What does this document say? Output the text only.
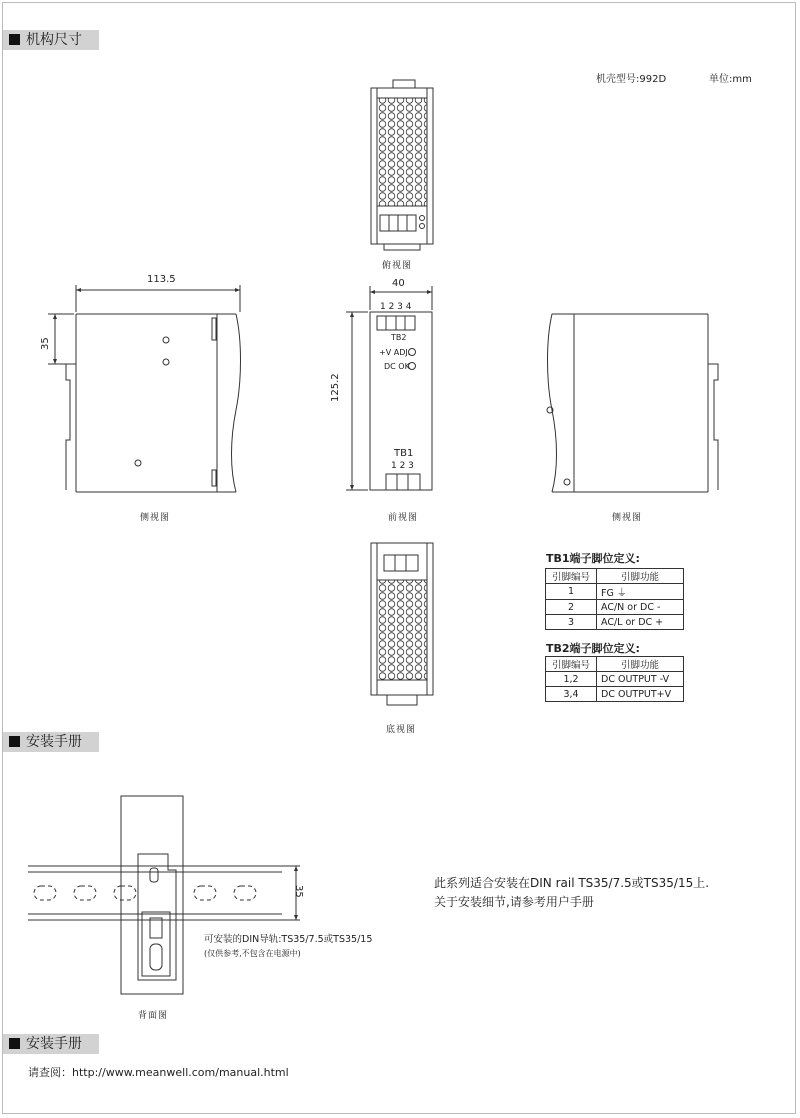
机构尺寸
安装手册
安装手册
机壳型号:992D	单位:mm
113.5	40
125.2
35
35
1 2 3 4
TB2
+V ADJ.
DC OK
TB1
1 2 3
俯视图
侧视图	前视图	侧视图
底视图
背面图
TB1端子脚位定义:
引脚编号	引脚功能
1	FG ⏚
2	AC/N or DC -
3	AC/L or DC +
TB2端子脚位定义:
引脚编号	引脚功能
1,2	DC OUTPUT -V
3,4	DC OUTPUT+V
此系列适合安装在DIN rail TS35/7.5或TS35/15上.
关于安装细节,请参考用户手册
可安装的DIN导轨:TS35/7.5或TS35/15
(仅供参考,不包含在电源中)
请查阅：http://www.meanwell.com/manual.html
